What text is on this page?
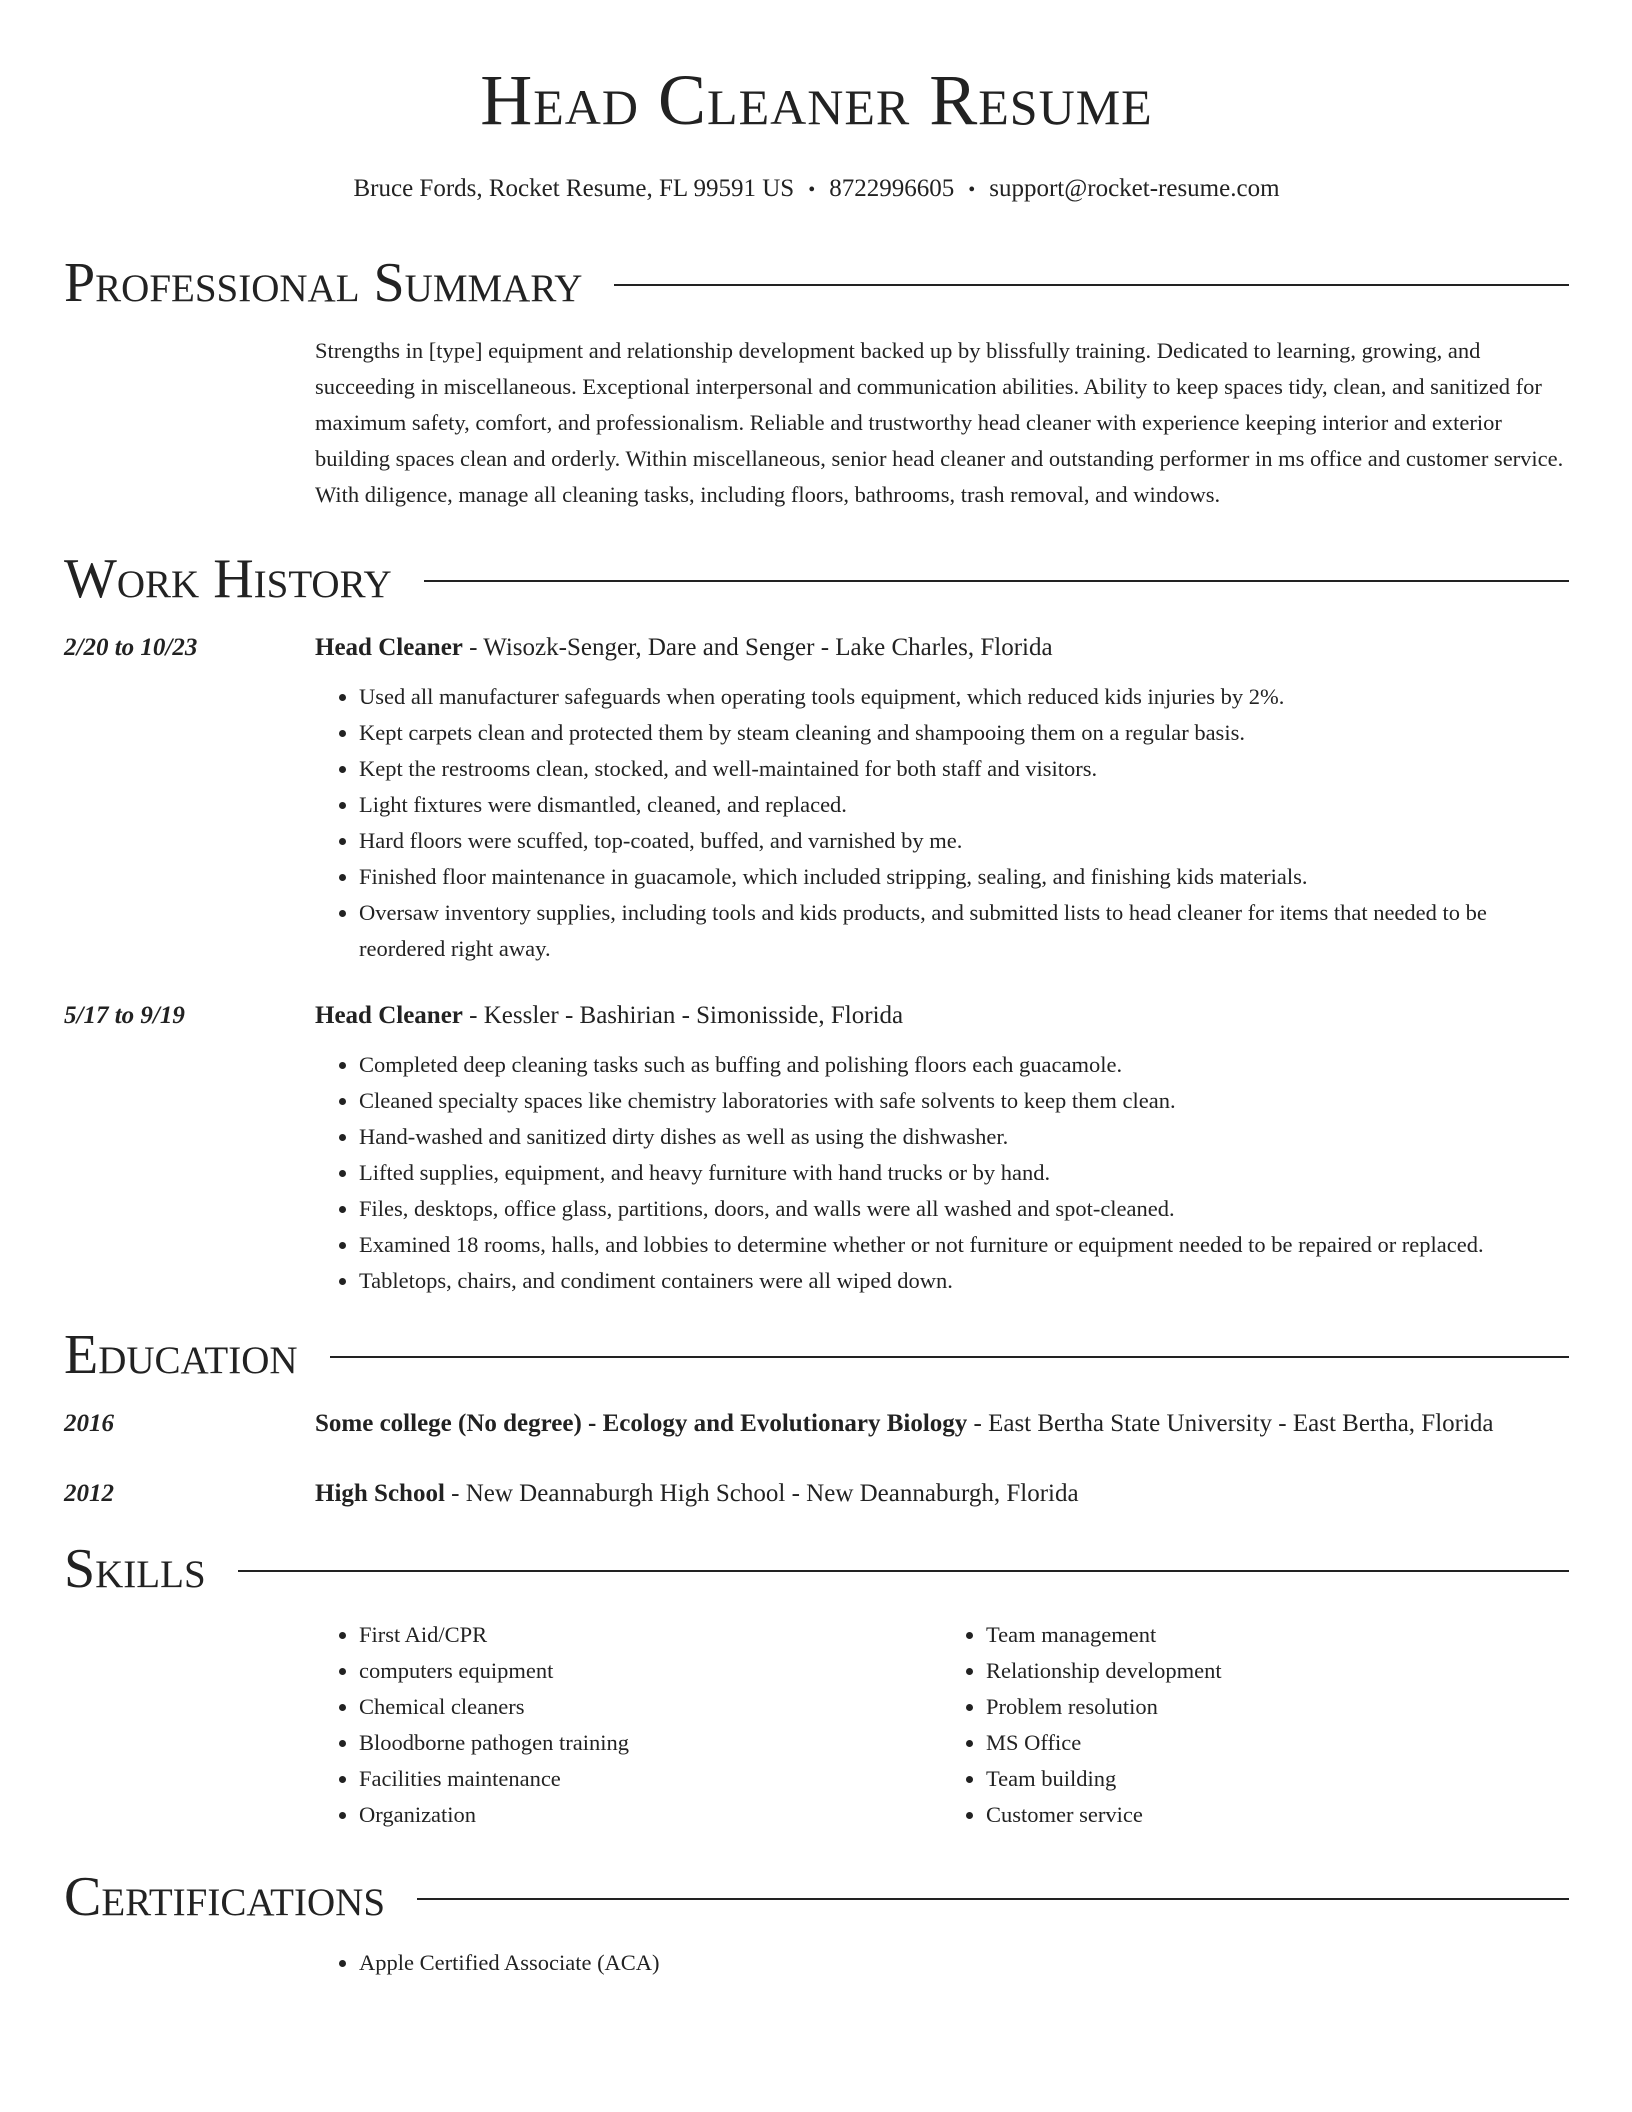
Head Cleaner Resume
Bruce Fords, Rocket Resume, FL 99591 US • 8722996605 • support@rocket-resume.com
Professional Summary
Strengths in [type] equipment and relationship development backed up by blissfully training. Dedicated to learning, growing, and succeeding in miscellaneous. Exceptional interpersonal and communication abilities. Ability to keep spaces tidy, clean, and sanitized for maximum safety, comfort, and professionalism. Reliable and trustworthy head cleaner with experience keeping interior and exterior building spaces clean and orderly. Within miscellaneous, senior head cleaner and outstanding performer in ms office and customer service. With diligence, manage all cleaning tasks, including floors, bathrooms, trash removal, and windows.
Work History
2/20 to 10/23	Head Cleaner - Wisozk-Senger, Dare and Senger - Lake Charles, Florida
• Used all manufacturer safeguards when operating tools equipment, which reduced kids injuries by 2%.
• Kept carpets clean and protected them by steam cleaning and shampooing them on a regular basis.
• Kept the restrooms clean, stocked, and well-maintained for both staff and visitors.
• Light fixtures were dismantled, cleaned, and replaced.
• Hard floors were scuffed, top-coated, buffed, and varnished by me.
• Finished floor maintenance in guacamole, which included stripping, sealing, and finishing kids materials.
• Oversaw inventory supplies, including tools and kids products, and submitted lists to head cleaner for items that needed to be reordered right away.
5/17 to 9/19	Head Cleaner - Kessler - Bashirian - Simonisside, Florida
• Completed deep cleaning tasks such as buffing and polishing floors each guacamole.
• Cleaned specialty spaces like chemistry laboratories with safe solvents to keep them clean.
• Hand-washed and sanitized dirty dishes as well as using the dishwasher.
• Lifted supplies, equipment, and heavy furniture with hand trucks or by hand.
• Files, desktops, office glass, partitions, doors, and walls were all washed and spot-cleaned.
• Examined 18 rooms, halls, and lobbies to determine whether or not furniture or equipment needed to be repaired or replaced.
• Tabletops, chairs, and condiment containers were all wiped down.
Education
2016	Some college (No degree) - Ecology and Evolutionary Biology - East Bertha State University - East Bertha, Florida
2012	High School - New Deannaburgh High School - New Deannaburgh, Florida
Skills
• First Aid/CPR
• computers equipment
• Chemical cleaners
• Bloodborne pathogen training
• Facilities maintenance
• Organization
• Team management
• Relationship development
• Problem resolution
• MS Office
• Team building
• Customer service
Certifications
• Apple Certified Associate (ACA)
